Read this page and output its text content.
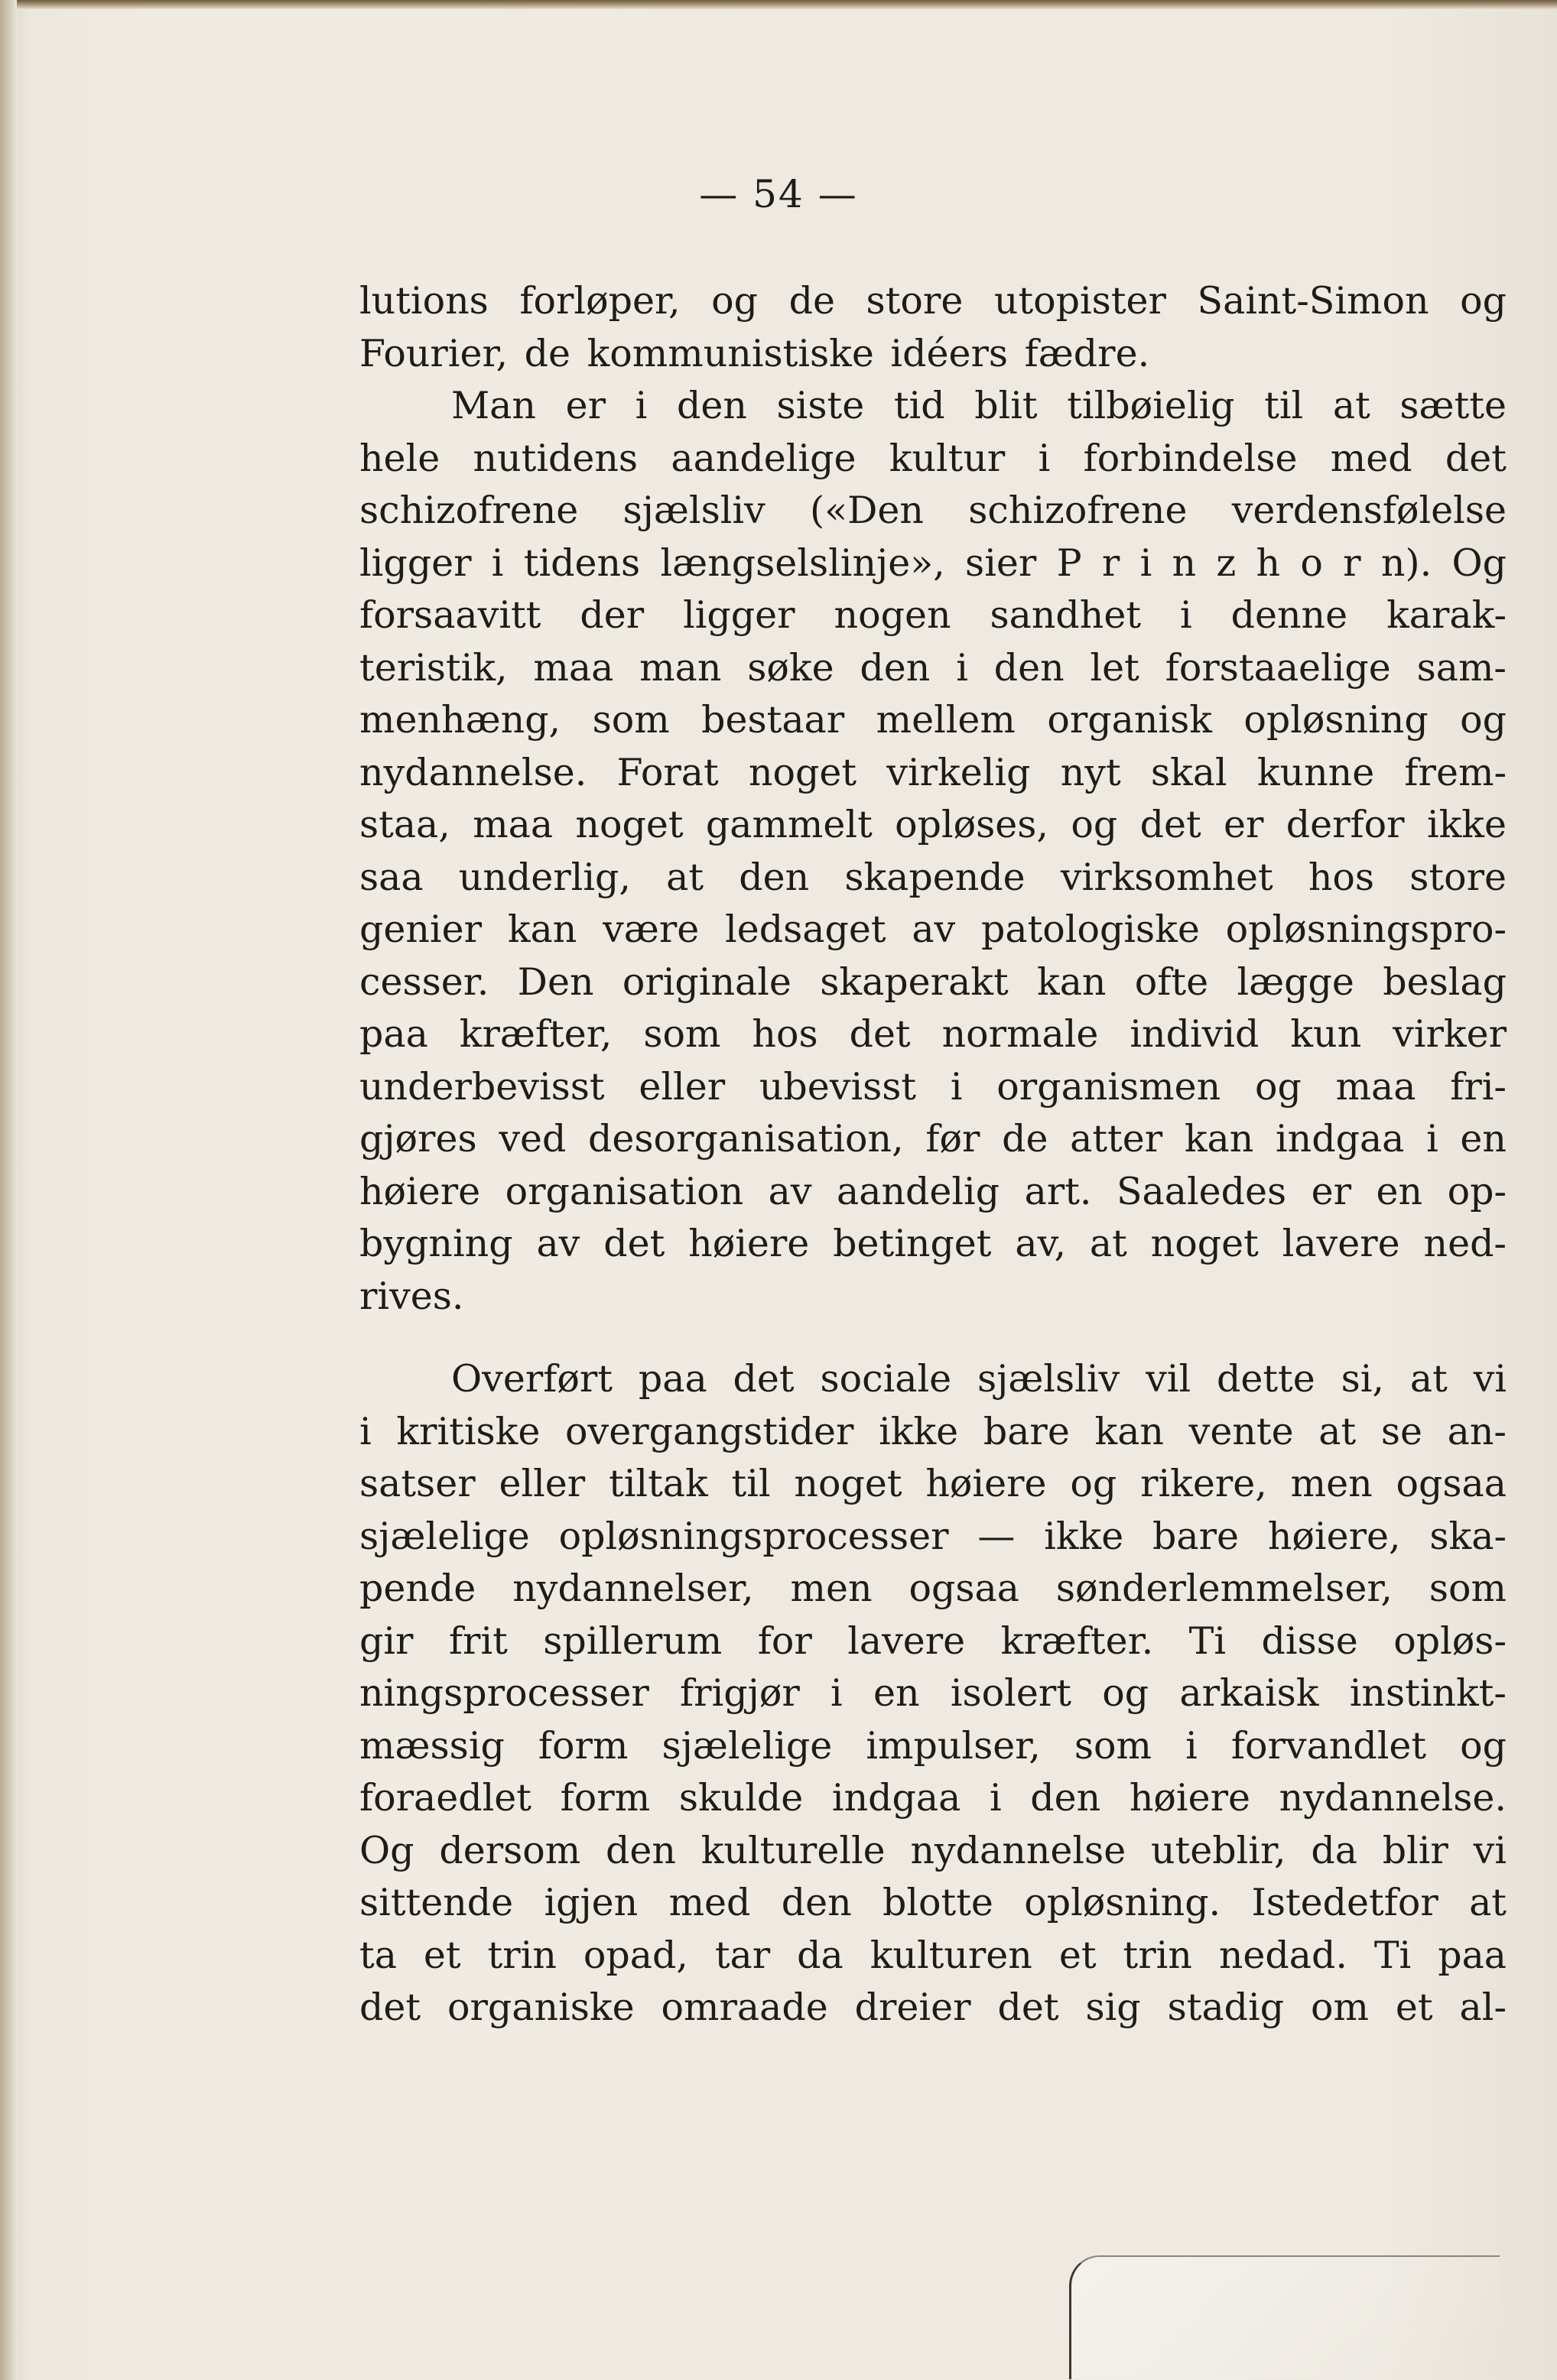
— 54 —
lutions forløper, og de store utopister Saint-Simon og
Fourier, de kommunistiske idéers fædre.
Man er i den siste tid blit tilbøielig til at sætte
hele nutidens aandelige kultur i forbindelse med det
schizofrene sjælsliv («Den schizofrene verdensfølelse
ligger i tidens længselslinje», sier P r i n z h o r n). Og
forsaavitt der ligger nogen sandhet i denne karak-
teristik, maa man søke den i den let forstaaelige sam-
menhæng, som bestaar mellem organisk opløsning og
nydannelse. Forat noget virkelig nyt skal kunne frem-
staa, maa noget gammelt opløses, og det er derfor ikke
saa underlig, at den skapende virksomhet hos store
genier kan være ledsaget av patologiske opløsningspro-
cesser. Den originale skaperakt kan ofte lægge beslag
paa kræfter, som hos det normale individ kun virker
underbevisst eller ubevisst i organismen og maa fri-
gjøres ved desorganisation, før de atter kan indgaa i en
høiere organisation av aandelig art. Saaledes er en op-
bygning av det høiere betinget av, at noget lavere ned-
rives.
Overført paa det sociale sjælsliv vil dette si, at vi
i kritiske overgangstider ikke bare kan vente at se an-
satser eller tiltak til noget høiere og rikere, men ogsaa
sjælelige opløsningsprocesser — ikke bare høiere, ska-
pende nydannelser, men ogsaa sønderlemmelser, som
gir frit spillerum for lavere kræfter. Ti disse opløs-
ningsprocesser frigjør i en isolert og arkaisk instinkt-
mæssig form sjælelige impulser, som i forvandlet og
foraedlet form skulde indgaa i den høiere nydannelse.
Og dersom den kulturelle nydannelse uteblir, da blir vi
sittende igjen med den blotte opløsning. Istedetfor at
ta et trin opad, tar da kulturen et trin nedad. Ti paa
det organiske omraade dreier det sig stadig om et al-
